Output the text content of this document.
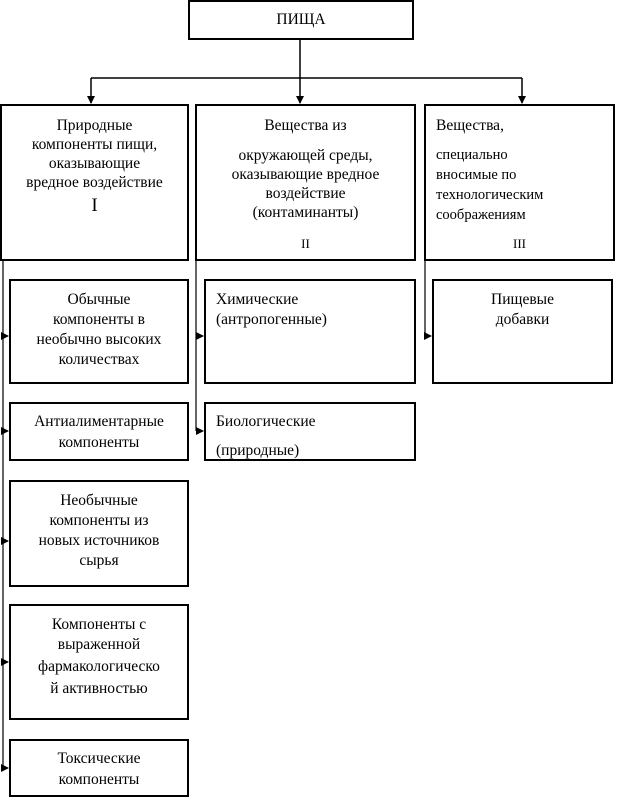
ПИЩА
Природные
компоненты пищи,
оказывающие
вредное воздействие
I
Вещества из
окружающей среды,
оказывающие вредное
воздействие
(контаминанты)
II
Вещества,
специально
вносимые по
технологическим
соображениям
III
Обычные
компоненты в
необычно высоких
количествах
Антиалиментарные
компоненты
Необычные
компоненты из
новых источников
сырья
Компоненты с
выраженной
фармакологическо
й активностью
Токсические
компоненты
Химические
(антропогенные)
Биологические
(природные)
Пищевые
добавки
